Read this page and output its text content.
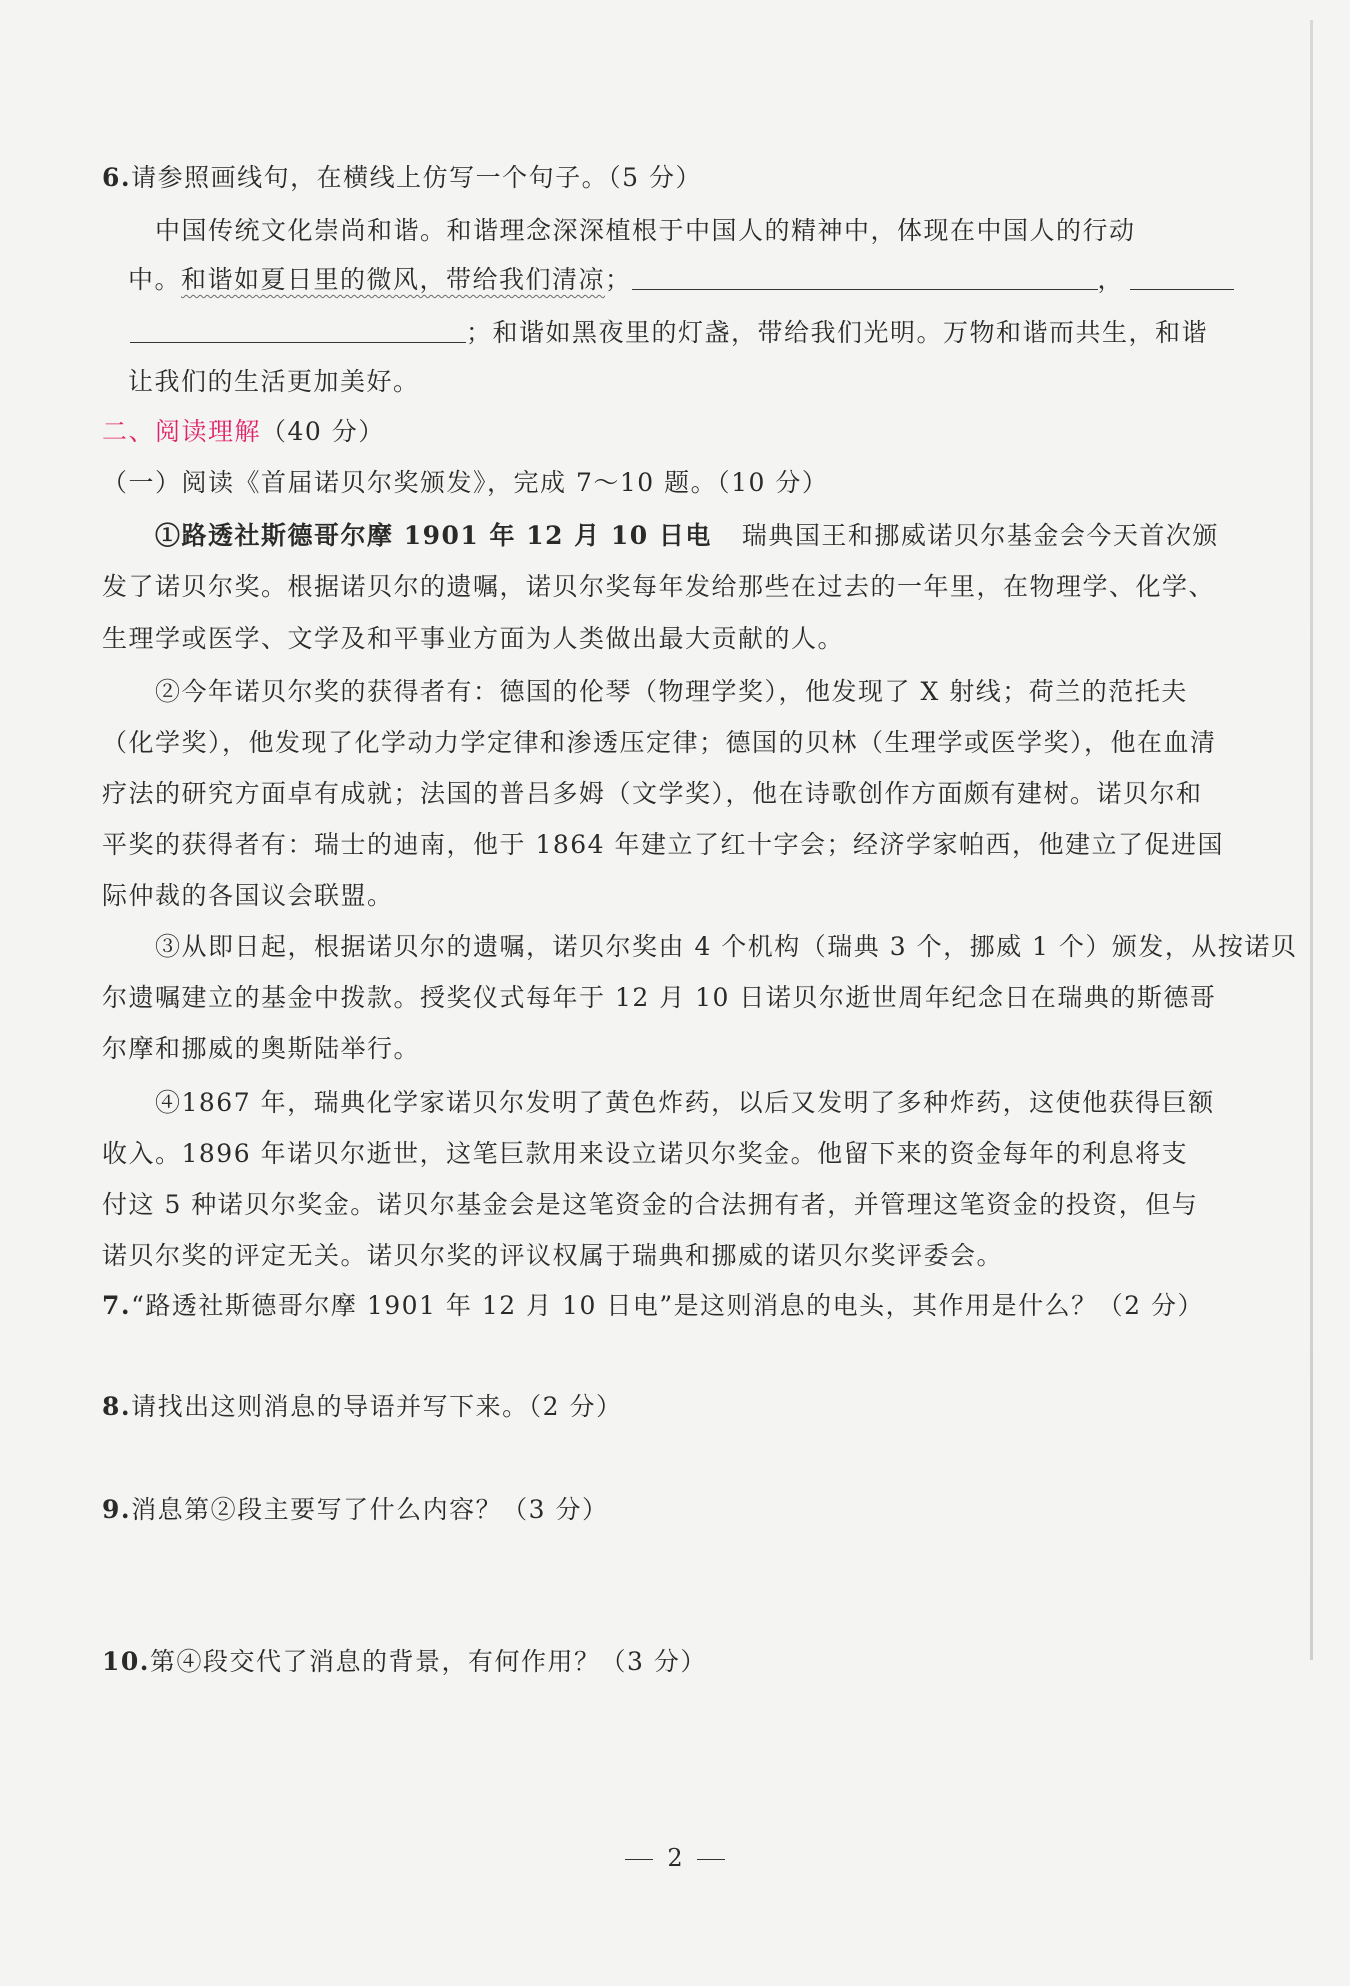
6.请参照画线句，在横线上仿写一个句子。（5 分）
中国传统文化崇尚和谐。和谐理念深深植根于中国人的精神中，体现在中国人的行动
中。和谐如夏日里的微风，带给我们清凉；	，
；和谐如黑夜里的灯盏，带给我们光明。万物和谐而共生，和谐
让我们的生活更加美好。
二、阅读理解（40 分）
（一）阅读《首届诺贝尔奖颁发》，完成 7～10 题。（10 分）
①路透社斯德哥尔摩 1901 年 12 月 10 日电 瑞典国王和挪威诺贝尔基金会今天首次颁
发了诺贝尔奖。根据诺贝尔的遗嘱，诺贝尔奖每年发给那些在过去的一年里，在物理学、化学、
生理学或医学、文学及和平事业方面为人类做出最大贡献的人。
②今年诺贝尔奖的获得者有：德国的伦琴（物理学奖），他发现了 X 射线；荷兰的范托夫
（化学奖），他发现了化学动力学定律和渗透压定律；德国的贝林（生理学或医学奖），他在血清
疗法的研究方面卓有成就；法国的普吕多姆（文学奖），他在诗歌创作方面颇有建树。诺贝尔和
平奖的获得者有：瑞士的迪南，他于 1864 年建立了红十字会；经济学家帕西，他建立了促进国
际仲裁的各国议会联盟。
③从即日起，根据诺贝尔的遗嘱，诺贝尔奖由 4 个机构（瑞典 3 个，挪威 1 个）颁发，从按诺贝
尔遗嘱建立的基金中拨款。授奖仪式每年于 12 月 10 日诺贝尔逝世周年纪念日在瑞典的斯德哥
尔摩和挪威的奥斯陆举行。
④1867 年，瑞典化学家诺贝尔发明了黄色炸药，以后又发明了多种炸药，这使他获得巨额
收入。1896 年诺贝尔逝世，这笔巨款用来设立诺贝尔奖金。他留下来的资金每年的利息将支
付这 5 种诺贝尔奖金。诺贝尔基金会是这笔资金的合法拥有者，并管理这笔资金的投资，但与
诺贝尔奖的评定无关。诺贝尔奖的评议权属于瑞典和挪威的诺贝尔奖评委会。
7.“路透社斯德哥尔摩 1901 年 12 月 10 日电”是这则消息的电头，其作用是什么？（2 分）
8.请找出这则消息的导语并写下来。（2 分）
9.消息第②段主要写了什么内容？（3 分）
10.第④段交代了消息的背景，有何作用？（3 分）
2
